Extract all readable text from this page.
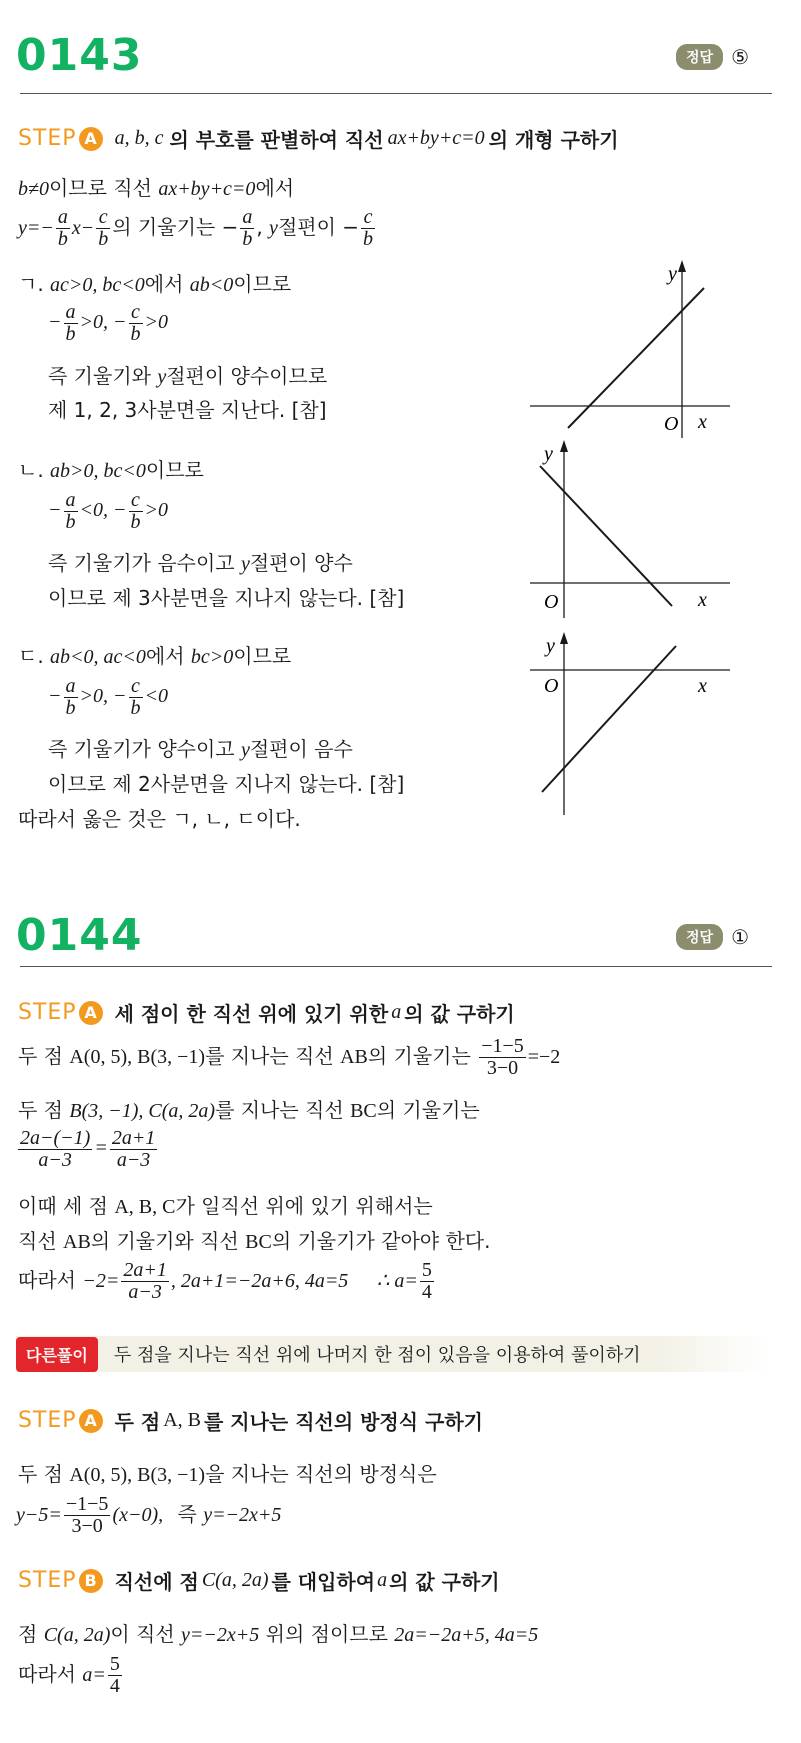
0143	정답 ⑤
STEP A a, b, c 의 부호를 판별하여 직선 ax+by+c=0 의 개형 구하기
b≠0이므로 직선 ax+by+c=0에서
$y=- \frac{a}{b} x- \frac{c}{b}$ 의 기울기는 − $\frac{a}{b}$ , y절편이 − $\frac{c}{b}$
ㄱ. ac>0, bc<0에서 ab<0이므로
− $\frac{a}{b} >0$, − $\frac{c}{b} >0$
즉 기울기와 y절편이 양수이므로
제 1, 2, 3사분면을 지난다. [참]
y
O x
ㄴ. ab>0, bc<0이므로
− $\frac{a}{b} <0$, − $\frac{c}{b} >0$
즉 기울기가 음수이고 y절편이 양수
이므로 제 3사분면을 지나지 않는다. [참]
y
O	x
ㄷ. ab<0, ac<0에서 bc>0이므로
− $\frac{a}{b} >0$, − $\frac{c}{b} <0$
즉 기울기가 양수이고 y절편이 음수
이므로 제 2사분면을 지나지 않는다. [참]
따라서 옳은 것은 ㄱ, ㄴ, ㄷ이다.
y
O	x
0144	정답 ①
STEP A 세 점이 한 직선 위에 있기 위한 a 의 값 구하기
두 점 A(0, 5), B(3, −1)를 지나는 직선 AB의 기울기는 $\frac{-1-5}{3-0} =-2$
두 점 B(3, −1), C(a, 2a)를 지나는 직선 BC의 기울기는
$\frac{2a-(-1)}{a-3} = \frac{2a+1}{a-3}$
이때 세 점 A, B, C가 일직선 위에 있기 위해서는
직선 AB의 기울기와 직선 BC의 기울기가 같아야 한다.
따라서 $-2= \frac{2a+1}{a-3}$ , 2a+1=−2a+6, 4a=5 ∴ $a= \frac{5}{4}$
다른풀이	두 점을 지나는 직선 위에 나머지 한 점이 있음을 이용하여 풀이하기
STEP A 두 점 A, B 를 지나는 직선의 방정식 구하기
두 점 A(0, 5), B(3, −1)을 지나는 직선의 방정식은
$y-5= \frac{-1-5}{3-0} (x-0)$, 즉 y=−2x+5
STEP B 직선에 점 C(a, 2a) 를 대입하여 a 의 값 구하기
점 C(a, 2a)이 직선 y=−2x+5 위의 점이므로 2a=−2a+5, 4a=5
따라서 $a= \frac{5}{4}$
